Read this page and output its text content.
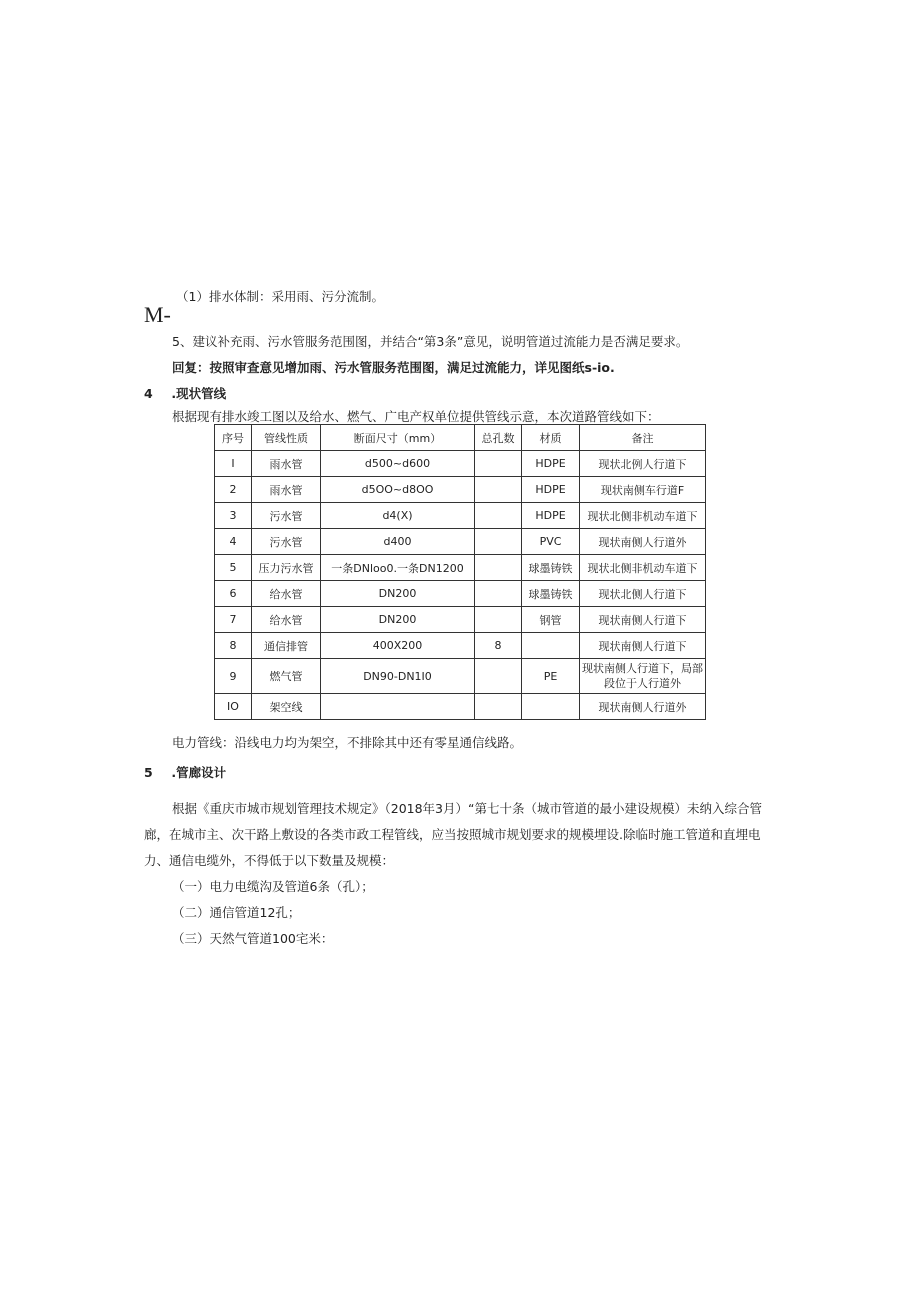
（1）排水体制：采用雨、污分流制。
M-
5、建议补充雨、污水管服务范围图，并结合“第3条”意见，说明管道过流能力是否满足要求。
回复：按照审查意见增加雨、污水管服务范围图，满足过流能力，详见图纸s-io.
4 .现状管线
根据现有排水竣工图以及给水、燃气、广电产权单位提供管线示意，本次道路管线如下：
序号	管线性质	断面尺寸（mm）	总孔数	材质	备注
I	雨水管	d500~d600		HDPE	现状北例人行道下
2	雨水管	d5OO~d8OO		HDPE	现状南侧车行道F
3	污水管	d4(X)		HDPE	现状北侧非机动车道下
4	污水管	d400		PVC	现状南侧人行道外
5	压力污水管	一条DNloo0.一条DN1200		球墨铸铁	现状北侧非机动车道下
6	给水管	DN200		球墨铸铁	现状北侧人行道下
7	给水管	DN200		钢管	现状南侧人行道下
8	通信排管	400X200	8		现状南侧人行道下
9	燃气管	DN90-DN1I0		PE	现状南侧人行道下，局部段位于人行道外
IO	架空线				现状南侧人行道外
电力管线：沿线电力均为架空，不排除其中还有零星通信线路。
5 .管廊设计
根据《重庆市城市规划管理技术规定》（2018年3月）“第七十条（城市管道的最小建设规模）未纳入综合管廊，在城市主、次干路上敷设的各类市政工程管线，应当按照城市规划要求的规模埋设.除临时施工管道和直埋电力、通信电缆外，不得低于以下数量及规模：
（一）电力电缆沟及管道6条（孔）；
（二）通信管道12孔；
（三）天然气管道100宅米：
